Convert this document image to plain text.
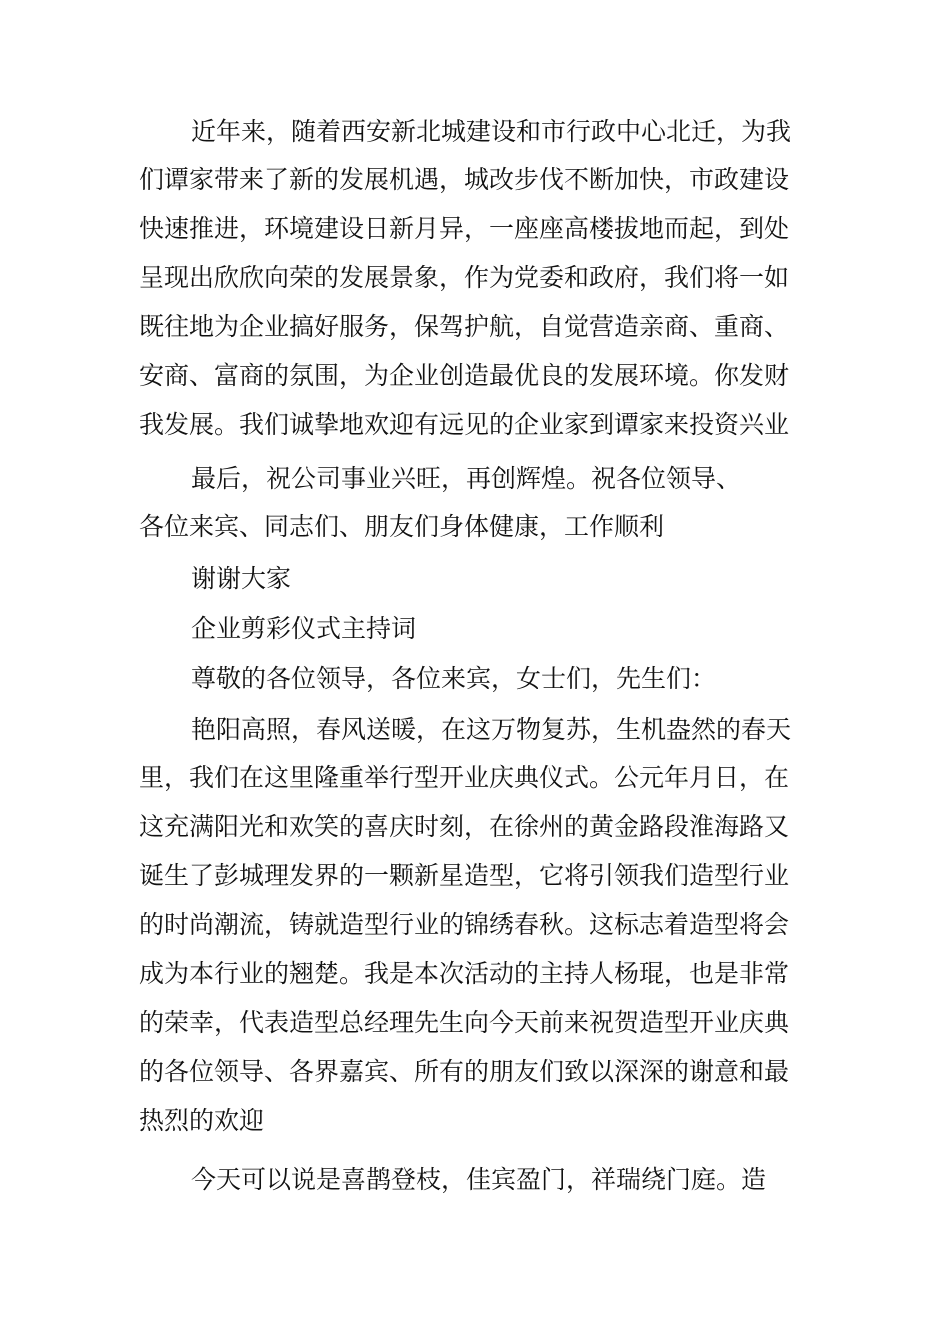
近年来，随着西安新北城建设和市行政中心北迁，为我
们谭家带来了新的发展机遇，城改步伐不断加快，市政建设
快速推进，环境建设日新月异，一座座高楼拔地而起，到处
呈现出欣欣向荣的发展景象，作为党委和政府，我们将一如
既往地为企业搞好服务，保驾护航，自觉营造亲商、重商、
安商、富商的氛围，为企业创造最优良的发展环境。你发财
我发展。我们诚挚地欢迎有远见的企业家到谭家来投资兴业
最后，祝公司事业兴旺，再创辉煌。祝各位领导、
各位来宾、同志们、朋友们身体健康，工作顺利
谢谢大家
企业剪彩仪式主持词
尊敬的各位领导，各位来宾，女士们，先生们：
艳阳高照，春风送暖，在这万物复苏，生机盎然的春天
里，我们在这里隆重举行型开业庆典仪式。公元年月日，在
这充满阳光和欢笑的喜庆时刻，在徐州的黄金路段淮海路又
诞生了彭城理发界的一颗新星造型，它将引领我们造型行业
的时尚潮流，铸就造型行业的锦绣春秋。这标志着造型将会
成为本行业的翘楚。我是本次活动的主持人杨琨，也是非常
的荣幸，代表造型总经理先生向今天前来祝贺造型开业庆典
的各位领导、各界嘉宾、所有的朋友们致以深深的谢意和最
热烈的欢迎
今天可以说是喜鹊登枝，佳宾盈门，祥瑞绕门庭。造
